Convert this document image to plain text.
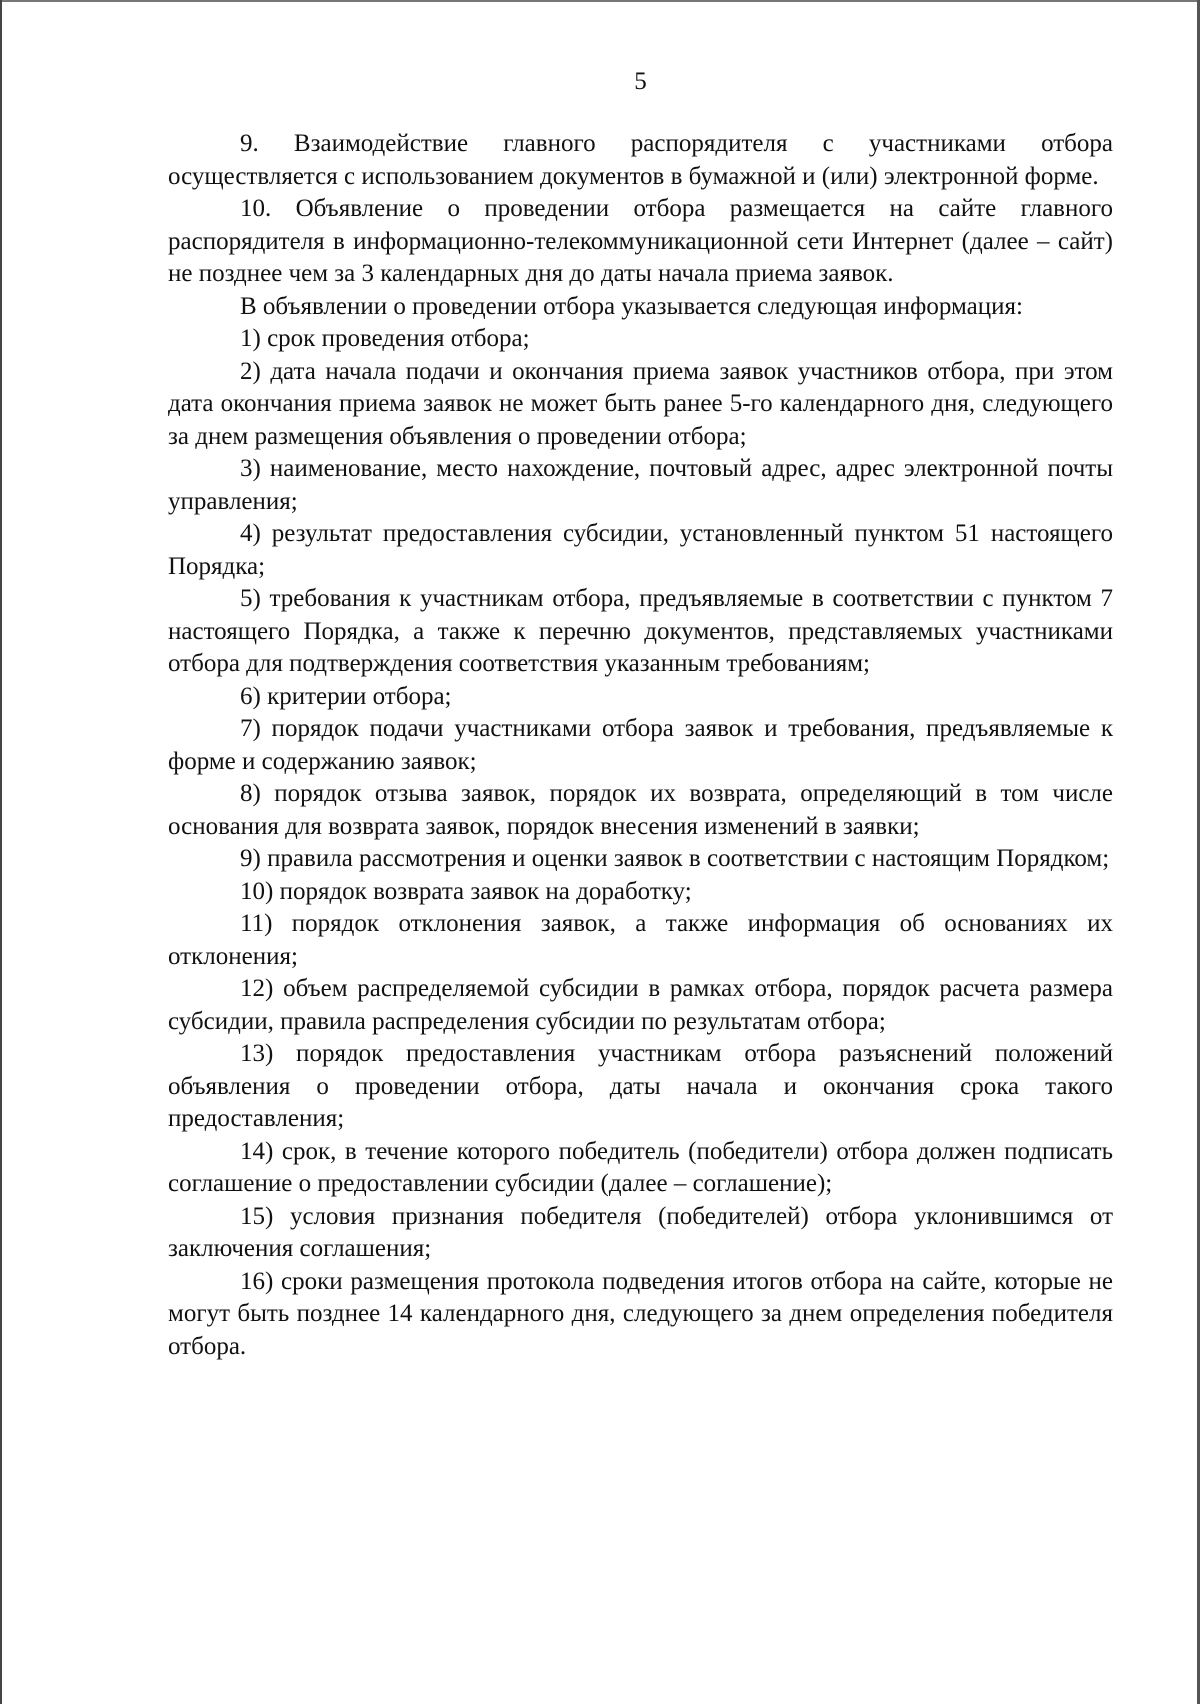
5

9. Взаимодействие главного распорядителя с участниками отбора осуществляется с использованием документов в бумажной и (или) электронной форме.

10. Объявление о проведении отбора размещается на сайте главного распорядителя в информационно-телекоммуникационной сети Интернет (далее – сайт) не позднее чем за 3 календарных дня до даты начала приема заявок.

В объявлении о проведении отбора указывается следующая информация:

1) срок проведения отбора;

2) дата начала подачи и окончания приема заявок участников отбора, при этом дата окончания приема заявок не может быть ранее 5-го календарного дня, следующего за днем размещения объявления о проведении отбора;

3) наименование, место нахождение, почтовый адрес, адрес электронной почты управления;

4) результат предоставления субсидии, установленный пунктом 51 настоящего Порядка;

5) требования к участникам отбора, предъявляемые в соответствии с пунктом 7 настоящего Порядка, а также к перечню документов, представляемых участниками отбора для подтверждения соответствия указанным требованиям;

6) критерии отбора;

7) порядок подачи участниками отбора заявок и требования, предъявляемые к форме и содержанию заявок;

8) порядок отзыва заявок, порядок их возврата, определяющий в том числе основания для возврата заявок, порядок внесения изменений в заявки;

9) правила рассмотрения и оценки заявок в соответствии с настоящим Порядком;

10) порядок возврата заявок на доработку;

11) порядок отклонения заявок, а также информация об основаниях их отклонения;

12) объем распределяемой субсидии в рамках отбора, порядок расчета размера субсидии, правила распределения субсидии по результатам отбора;

13) порядок предоставления участникам отбора разъяснений положений объявления о проведении отбора, даты начала и окончания срока такого предоставления;

14) срок, в течение которого победитель (победители) отбора должен подписать соглашение о предоставлении субсидии (далее – соглашение);

15) условия признания победителя (победителей) отбора уклонившимся от заключения соглашения;

16) сроки размещения протокола подведения итогов отбора на сайте, которые не могут быть позднее 14 календарного дня, следующего за днем определения победителя отбора.
